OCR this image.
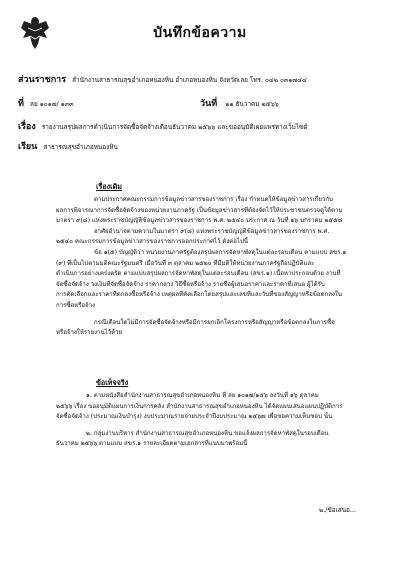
บันทึกข้อความ
ส่วนราชการ สำนักงานสาธารณสุขอำเภอหนองหิน อำเภอหนองหิน จังหวัดเลย โทร. ๐๔๒ ๐๓๑๗๔๔
ที่ ลย ๑๐๑๗/ ๑๓๓	วันที่ ๒๑ ธันวาคม ๒๕๖๖
เรื่อง รายงานสรุปผลการดำเนินการจัดซื้อจัดจ้างเดือนธันวาคม ๒๕๖๖ และขออนุมัติเผยแพร่ทางเว็บไซต์
เรียน สาธารณสุขอำเภอหนองหิน
เรื่องเดิม
ตามประกาศคณะกรรมการข้อมูลข่าวสารของราชการ เรื่อง กำหนดให้ข้อมูลข่าวสารเกี่ยวกับ
ผลการพิจารณาการจัดซื้อจัดจ้างของหน่วยงานภาครัฐ เป็นข้อมูลข่าวสารที่ต้องจัดไว้ให้ประชาชนตรวจดูได้ตาม
มาตรา ๙(๘) แห่งพระราชบัญญัติข้อมูลข่าวสารของราชการ พ.ศ. ๒๕๔๐ ประกาศ ณ วันที่ ๑๖ มกราคม ๒๕๕๘
อาศัยอำนาจตามความในมาตรา ๙(๘) แห่งพระราชบัญญัติข้อมูลข่าวสารของราชการ พ.ศ.
๒๕๔๐ คณะกรรมการข้อมูลข่าวสารของราชการออกประกาศไว้ ดังต่อไปนี้
ข้อ ๑(๕) บัญญัติว่า หน่วยงานภาครัฐต้องสรุปผลการจัดหาพัสดุในแต่ละรอบเดือน ตามแบบ สขร.๑
(๙) ที่เป็นไปตามมติคณะรัฐมนตรี เมื่อวันที่ ๓ ตุลาคม ๒๕๒๐ ที่มีมติให้หน่วยงานภาครัฐถือปฏิบัติและ
ดำเนินการอย่างเคร่งครัด ตามแบบสรุปผลการจัดหาพัสดุในแต่ละรอบเดือน (สขร.๑) เนื้อหาประกอบด้วย งานที่
จัดซื้อจัดจ้าง วงเงินที่จัดซื้อจัดจ้าง ราคากลาง วิธีซื้อหรือจ้าง รายชื่อผู้เสนอราคาและราคาที่เสนอ ผู้ได้รับ
การคัดเลือกและราคาที่ตกลงซื้อหรือจ้าง เหตุผลที่คัดเลือกโดยสรุปและเลขที่และวันที่ของสัญญาหรือข้อตกลงใน
การซื้อหรือจ้าง
กรณีเดือนใดไม่มีการจัดซื้อจัดจ้างหรือมีการยกเลิกโครงการหรือสัญญาหรือข้อตกลงในการซื้อ
หรือจ้างให้รายงานไว้ด้วย
ข้อเท็จจริง
๑. ตามหนังสือสำนักงานสาธารณสุขอำเภอหนองหิน ที่ ลย ๑๐๑๗/๑๕๖ ลงวันที่ ๑๖ ตุลาคม
๒๕๖๖ เรื่อง ขออนุมัติแผนการเงินการคลัง สำนักงานสาธารณสุขอำเภอหนองหิน ได้จัดแผนเสนอแผนปฏิบัติการ
จัดซื้อจัดจ้าง (ประมาณเงินบำรุง) งบประมาณรายจ่ายประจำปีงบประมาณ ๒๕๖๗ เพื่อขอความเห็นชอบ นั้น
๒. กลุ่มงานบริหาร สำนักงานสาธารณสุขอำเภอหนองหิน ขอแจ้งผลการจัดหาพัสดุในรอบเดือน
ธันวาคม ๒๕๖๖ ตามแบบ สขร.๑ รายละเอียดตามเอกสารที่แนบมาพร้อมนี้
๒./ข้อเสนอ...
